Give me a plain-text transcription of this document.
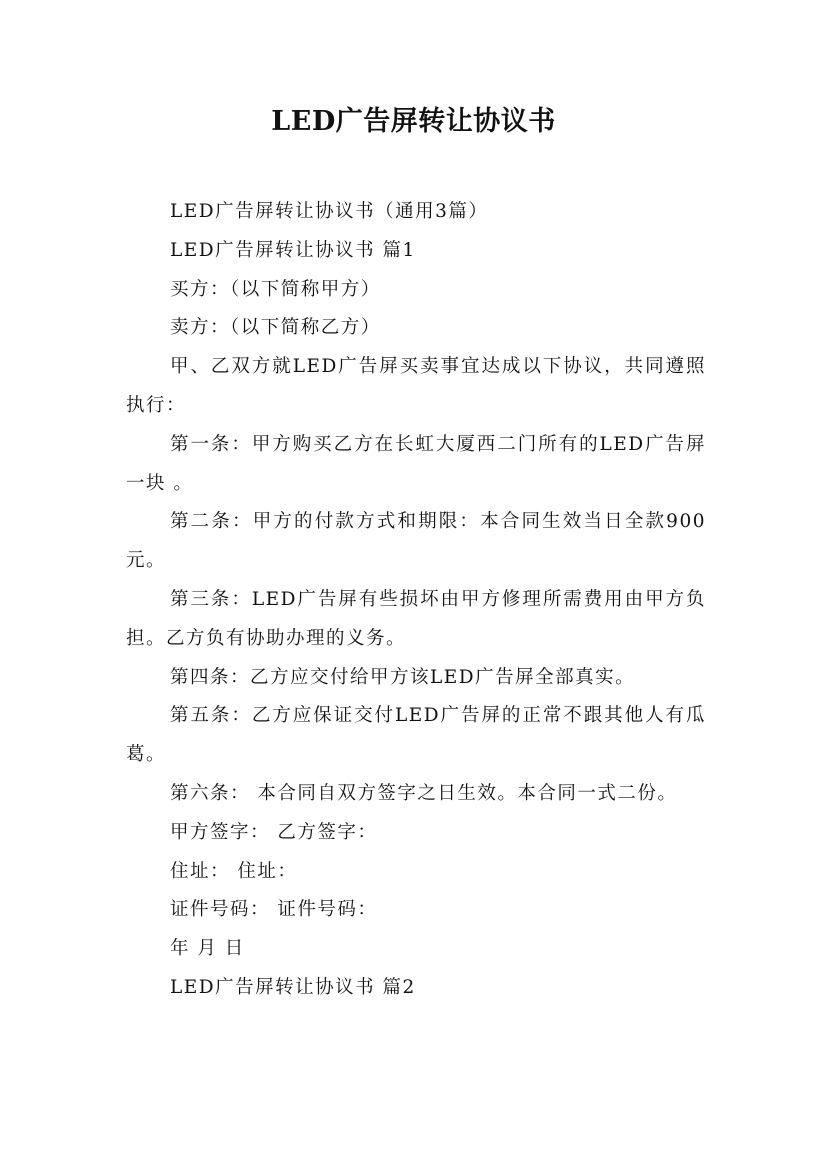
LED广告屏转让协议书

LED广告屏转让协议书（通用3篇）

LED广告屏转让协议书 篇1

买方：（以下简称甲方）

卖方：（以下简称乙方）

甲、乙双方就LED广告屏买卖事宜达成以下协议，共同遵照执行：

第一条：甲方购买乙方在长虹大厦西二门所有的LED广告屏一块 。

第二条：甲方的付款方式和期限：本合同生效当日全款900元。

第三条：LED广告屏有些损坏由甲方修理所需费用由甲方负担。乙方负有协助办理的义务。

第四条：乙方应交付给甲方该LED广告屏全部真实。

第五条：乙方应保证交付LED广告屏的正常不跟其他人有瓜葛。

第六条： 本合同自双方签字之日生效。本合同一式二份。

甲方签字： 乙方签字：

住址： 住址：

证件号码： 证件号码：

年 月 日

LED广告屏转让协议书 篇2
